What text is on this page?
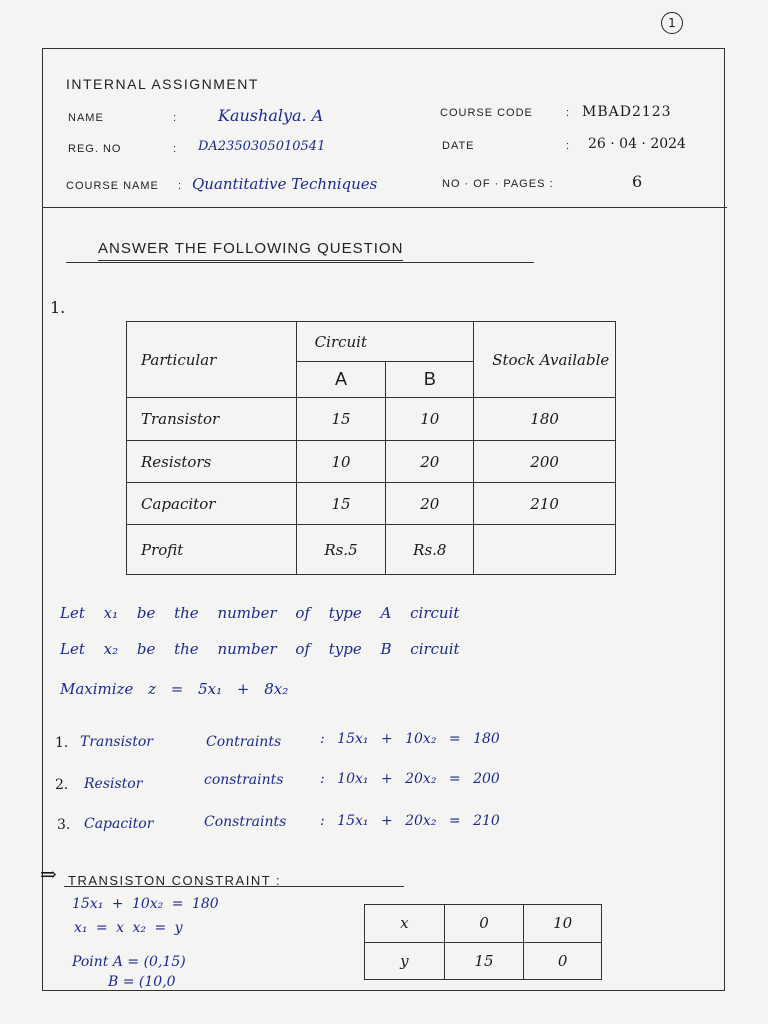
1
INTERNAL ASSIGNMENT
NAME	:	Kaushalya. A
REG. NO	: DA2350305010541
COURSE NAME : Quantitative Techniques
COURSE CODE	: MBAD2123
DATE	: 26 · 04 · 2024
NO · OF · PAGES :	6
ANSWER THE FOLLOWING QUESTION
1.
Particular	Circuit		Stock Available
	A	B	
Transistor	15	10	180
Resistors	10	20	200
Capacitor	15	20	210
Profit	Rs.5	Rs.8	
Let x₁ be the number of type A circuit
Let x₂ be the number of type B circuit
Maximize z = 5x₁ + 8x₂
1. Transistor	Contraints	: 15x₁ + 10x₂ = 180
2. Resistor	constraints	: 10x₁ + 20x₂ = 200
3. Capacitor	Constraints : 15x₁ + 20x₂ = 210
⇒ TRANSISTON CONSTRAINT :
15x₁ + 10x₂ = 180
x₁ = x x₂ = y
Point A = (0,15)
B = (10,0
x	0	10
y	15	0
